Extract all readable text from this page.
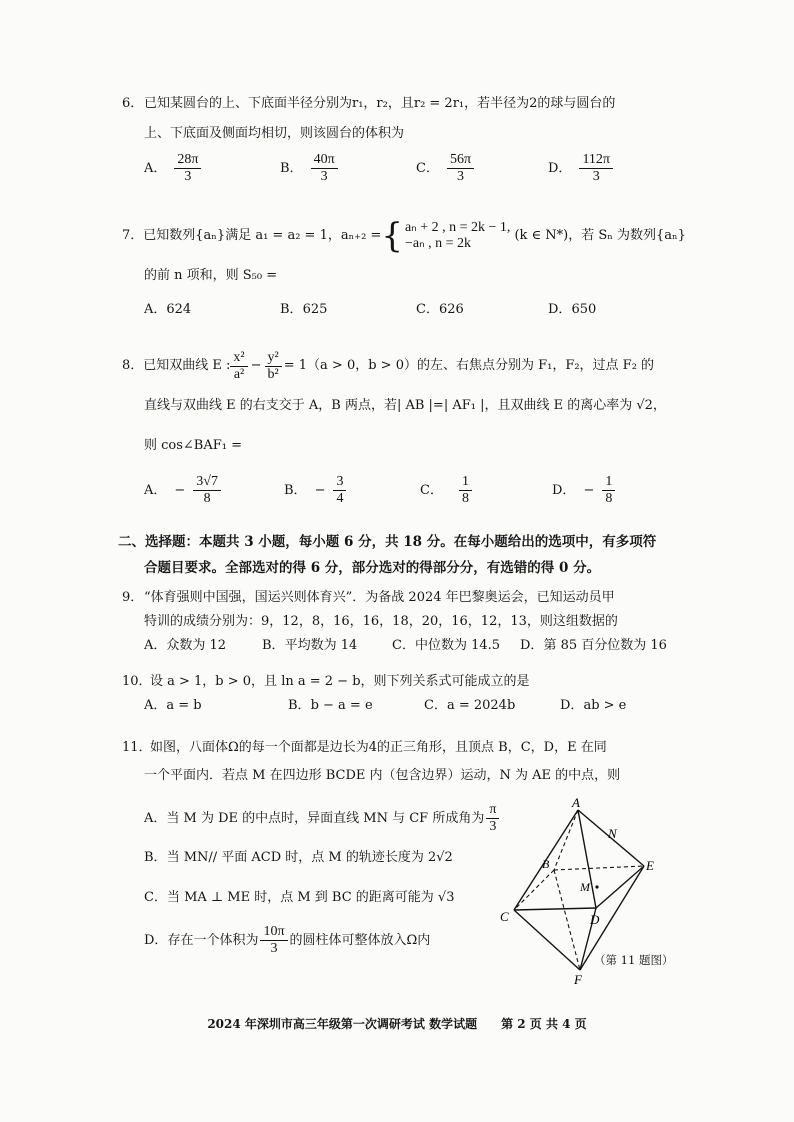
6． 已知某圆台的上、下底面半径分别为r₁，r₂，且r₂ = 2r₁，若半径为2的球与圆台的
上、下底面及侧面均相切，则该圆台的体积为
A． $\frac{28\pi}{3}$	B． $\frac{40\pi}{3}$	C． $\frac{56\pi}{3}$	D． $\frac{112\pi}{3}$
7． 已知数列{aₙ}满足 a₁ = a₂ = 1，aₙ₊₂ = { aₙ + 2 , n = 2k − 1,
−aₙ , n = 2k
(k ∈ N*)，若 Sₙ 为数列{aₙ}
的前 n 项和，则 S₅₀ =
A．624	B．625	C．626	D．650
8． 已知双曲线 E : $\frac{\text{x²}}{\text{a²}} - \frac{\text{y²}}{\text{b²}} = 1(a > 0$，b > 0）的左、右焦点分别为 F₁，F₂，过点 F₂ 的
直线与双曲线 E 的右支交于 A，B 两点，若| AB |=| AF₁ |，且双曲线 E 的离心率为 √2，
则 cos∠BAF₁ =
A． − $\frac{3√7}{8}$	B． − $\frac{3}{4}$	C． $\frac{1}{8}$	D． − $\frac{1}{8}$
二、选择题：本题共 3 小题，每小题 6 分，共 18 分。在每小题给出的选项中，有多项符
合题目要求。全部选对的得 6 分，部分选对的得部分分，有选错的得 0 分。
9． “体育强则中国强，国运兴则体育兴”．为备战 2024 年巴黎奥运会，已知运动员甲
特训的成绩分别为：9，12，8，16，16，18，20，16，12，13，则这组数据的
A．众数为 12	B．平均数为 14	C．中位数为 14.5 D．第 85 百分位数为 16
10．
设 a > 1，b > 0，且 ln a = 2 − b，则下列关系式可能成立的是
A．a = b	B．b − a = e	C．a = 2024b	D．ab > e
11．
如图，八面体Ω的每一个面都是边长为4的正三角形，且顶点 B，C，D，E 在同
一个平面内．若点 M 在四边形 BCDE 内（包含边界）运动，N 为 AE 的中点，则
A． 当 M 为 DE 的中点时，异面直线 MN 与 CF 所成角为 $\frac{\pi}{3}$
B．当 MN// 平面 ACD 时，点 M 的轨迹长度为 2√2
C．当 MA ⊥ ME 时，点 M 到 BC 的距离可能为 √3
D． 存在一个体积为 $\frac{10\pi}{3}$ 的圆柱体可整体放入Ω内
A
B
C	D
E
F
M
N
（第 11 题图）
2024 年深圳市高三年级第一次调研考试 数学试题　　第 2 页 共 4 页
